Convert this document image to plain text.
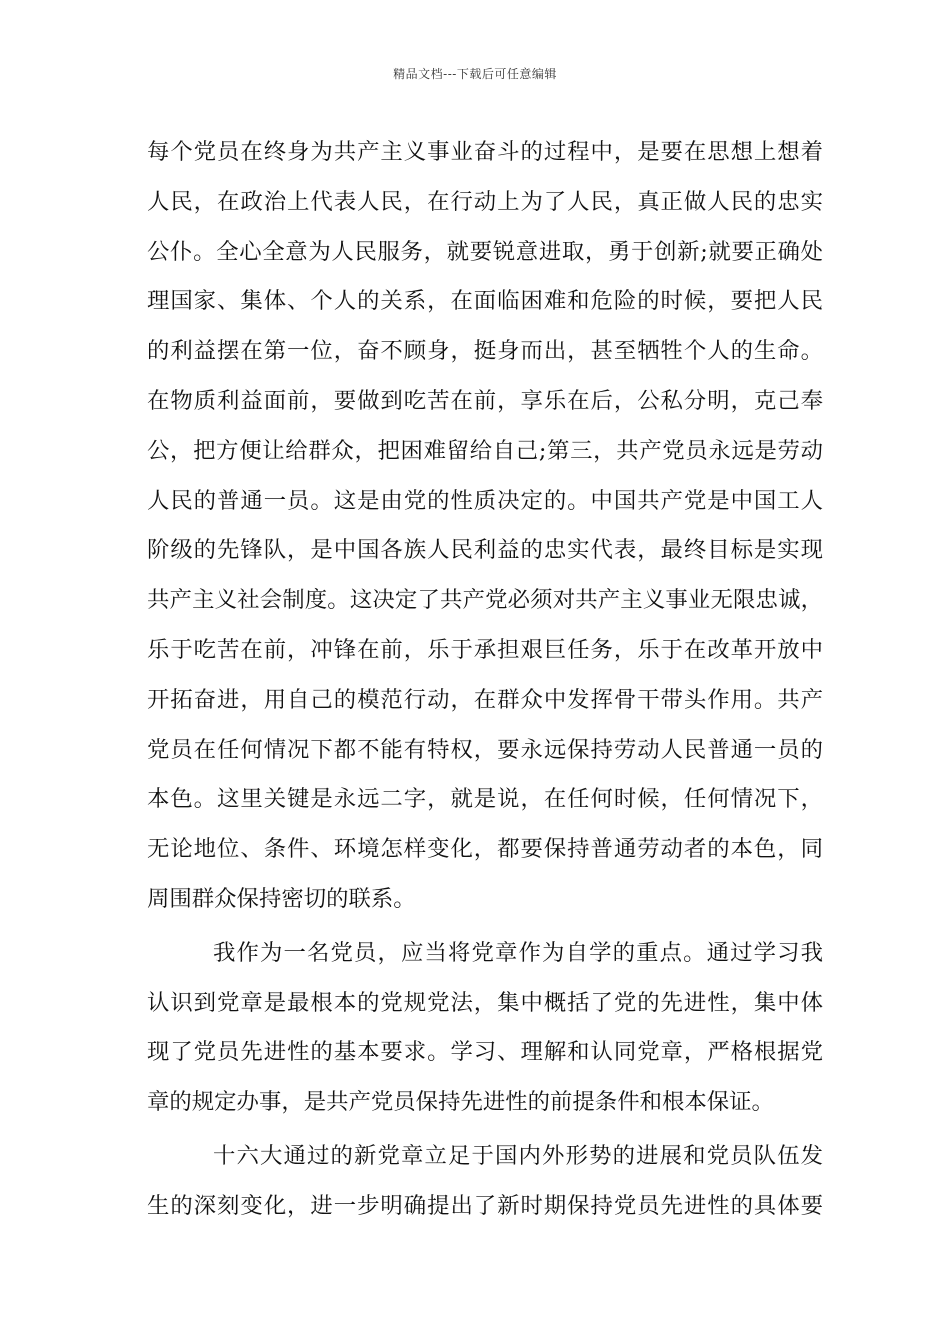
精品文档---下载后可任意编辑
每个党员在终身为共产主义事业奋斗的过程中，是要在思想上想着
人民，在政治上代表人民，在行动上为了人民，真正做人民的忠实
公仆。全心全意为人民服务，就要锐意进取，勇于创新;就要正确处
理国家、集体、个人的关系，在面临困难和危险的时候，要把人民
的利益摆在第一位，奋不顾身，挺身而出，甚至牺牲个人的生命。
在物质利益面前，要做到吃苦在前，享乐在后，公私分明，克己奉
公，把方便让给群众，把困难留给自己;第三，共产党员永远是劳动
人民的普通一员。这是由党的性质决定的。中国共产党是中国工人
阶级的先锋队，是中国各族人民利益的忠实代表，最终目标是实现
共产主义社会制度。这决定了共产党必须对共产主义事业无限忠诚，
乐于吃苦在前，冲锋在前，乐于承担艰巨任务，乐于在改革开放中
开拓奋进，用自己的模范行动，在群众中发挥骨干带头作用。共产
党员在任何情况下都不能有特权，要永远保持劳动人民普通一员的
本色。这里关键是永远二字，就是说，在任何时候，任何情况下，
无论地位、条件、环境怎样变化，都要保持普通劳动者的本色，同
周围群众保持密切的联系。
我作为一名党员，应当将党章作为自学的重点。通过学习我
认识到党章是最根本的党规党法，集中概括了党的先进性，集中体
现了党员先进性的基本要求。学习、理解和认同党章，严格根据党
章的规定办事，是共产党员保持先进性的前提条件和根本保证。
十六大通过的新党章立足于国内外形势的进展和党员队伍发
生的深刻变化，进一步明确提出了新时期保持党员先进性的具体要
